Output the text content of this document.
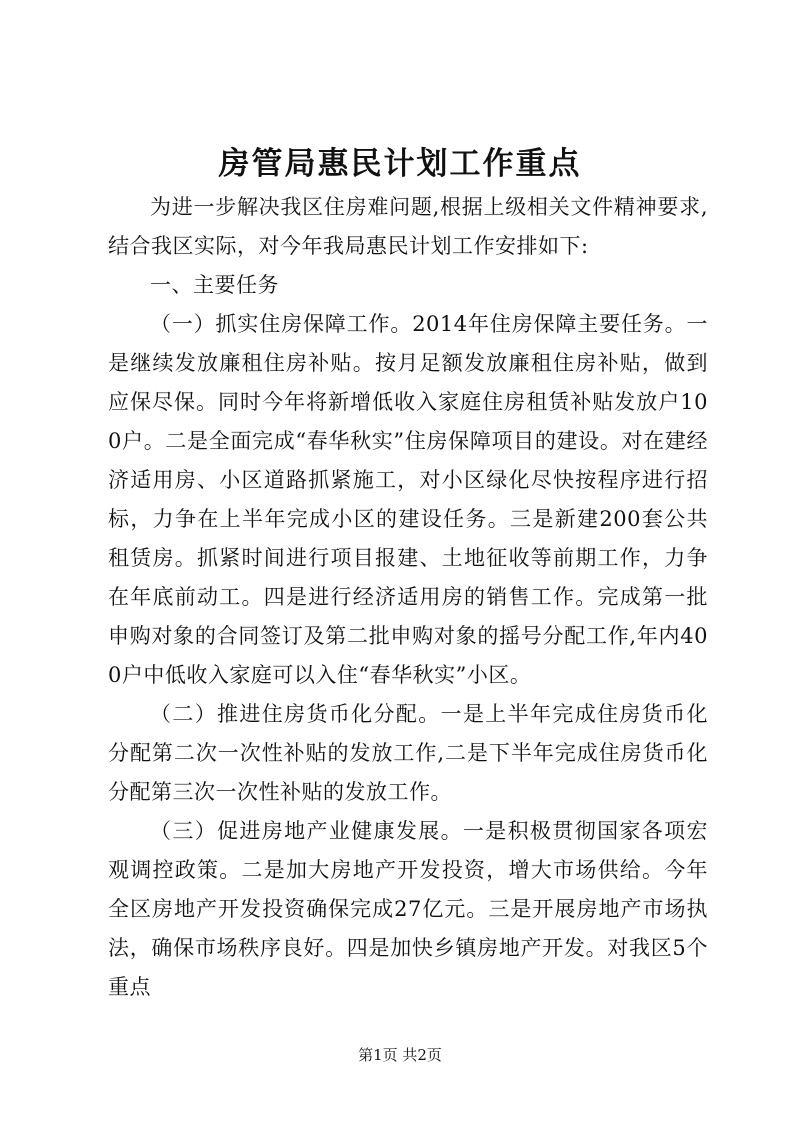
房管局惠民计划工作重点

为进一步解决我区住房难问题,根据上级相关文件精神要求,结合我区实际，对今年我局惠民计划工作安排如下:

一、主要任务

（一）抓实住房保障工作。2014年住房保障主要任务。一是继续发放廉租住房补贴。按月足额发放廉租住房补贴，做到应保尽保。同时今年将新增低收入家庭住房租赁补贴发放户100户。二是全面完成“春华秋实”住房保障项目的建设。对在建经济适用房、小区道路抓紧施工，对小区绿化尽快按程序进行招标，力争在上半年完成小区的建设任务。三是新建200套公共租赁房。抓紧时间进行项目报建、土地征收等前期工作，力争在年底前动工。四是进行经济适用房的销售工作。完成第一批申购对象的合同签订及第二批申购对象的摇号分配工作,年内400户中低收入家庭可以入住“春华秋实”小区。

（二）推进住房货币化分配。一是上半年完成住房货币化分配第二次一次性补贴的发放工作,二是下半年完成住房货币化分配第三次一次性补贴的发放工作。

（三）促进房地产业健康发展。一是积极贯彻国家各项宏观调控政策。二是加大房地产开发投资，增大市场供给。今年全区房地产开发投资确保完成27亿元。三是开展房地产市场执法，确保市场秩序良好。四是加快乡镇房地产开发。对我区5个重点

第1页 共2页
